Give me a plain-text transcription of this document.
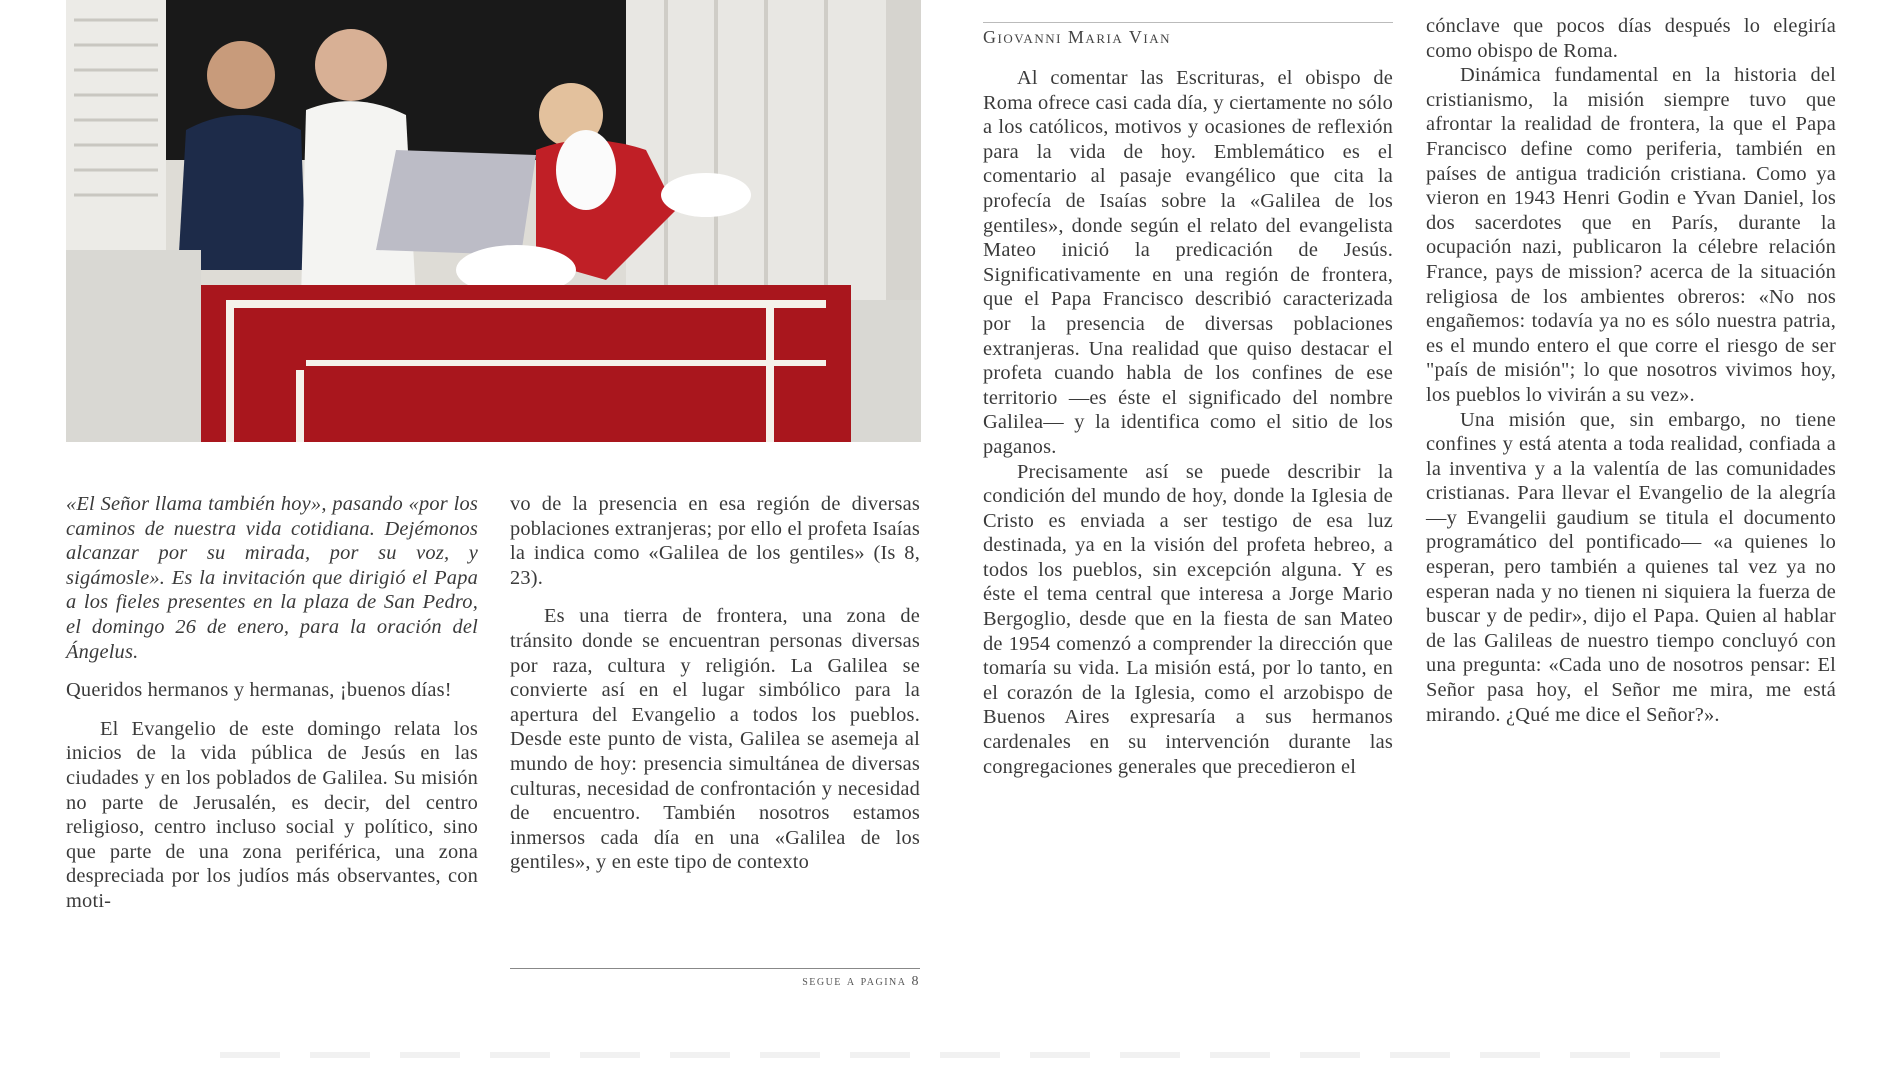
«El Señor llama también hoy», pasando «por los caminos de nuestra vida cotidiana. Dejémonos alcanzar por su mirada, por su voz, y sigámosle». Es la invitación que dirigió el Papa a los fieles presentes en la plaza de San Pedro, el domingo 26 de enero, para la oración del Ángelus.

Queridos hermanos y hermanas, ¡buenos días!

El Evangelio de este domingo relata los inicios de la vida pública de Jesús en las ciudades y en los poblados de Galilea. Su misión no parte de Jerusalén, es decir, del centro religioso, centro incluso social y político, sino que parte de una zona periférica, una zona despreciada por los judíos más observantes, con moti-

vo de la presencia en esa región de diversas poblaciones extranjeras; por ello el profeta Isaías la indica como «Galilea de los gentiles» (Is 8, 23).

Es una tierra de frontera, una zona de tránsito donde se encuentran personas diversas por raza, cultura y religión. La Galilea se convierte así en el lugar simbólico para la apertura del Evangelio a todos los pueblos. Desde este punto de vista, Galilea se asemeja al mundo de hoy: presencia simultánea de diversas culturas, necesidad de confrontación y necesidad de encuentro. También nosotros estamos inmersos cada día en una «Galilea de los gentiles», y en este tipo de contexto

segue a pagina 8
Giovanni Maria Vian

Al comentar las Escrituras, el obispo de Roma ofrece casi cada día, y ciertamente no sólo a los católicos, motivos y ocasiones de reflexión para la vida de hoy. Emblemático es el comentario al pasaje evangélico que cita la profecía de Isaías sobre la «Galilea de los gentiles», donde según el relato del evangelista Mateo inició la predicación de Jesús. Significativamente en una región de frontera, que el Papa Francisco describió caracterizada por la presencia de diversas poblaciones extranjeras. Una realidad que quiso destacar el profeta cuando habla de los confines de ese territorio —es éste el significado del nombre Galilea— y la identifica como el sitio de los paganos.

Precisamente así se puede describir la condición del mundo de hoy, donde la Iglesia de Cristo es enviada a ser testigo de esa luz destinada, ya en la visión del profeta hebreo, a todos los pueblos, sin excepción alguna. Y es éste el tema central que interesa a Jorge Mario Bergoglio, desde que en la fiesta de san Mateo de 1954 comenzó a comprender la dirección que tomaría su vida. La misión está, por lo tanto, en el corazón de la Iglesia, como el arzobispo de Buenos Aires expresaría a sus hermanos cardenales en su intervención durante las congregaciones generales que precedieron el

cónclave que pocos días después lo elegiría como obispo de Roma.

Dinámica fundamental en la historia del cristianismo, la misión siempre tuvo que afrontar la realidad de frontera, la que el Papa Francisco define como periferia, también en países de antigua tradición cristiana. Como ya vieron en 1943 Henri Godin e Yvan Daniel, los dos sacerdotes que en París, durante la ocupación nazi, publicaron la célebre relación France, pays de mission? acerca de la situación religiosa de los ambientes obreros: «No nos engañemos: todavía ya no es sólo nuestra patria, es el mundo entero el que corre el riesgo de ser "país de misión"; lo que nosotros vivimos hoy, los pueblos lo vivirán a su vez».

Una misión que, sin embargo, no tiene confines y está atenta a toda realidad, confiada a la inventiva y a la valentía de las comunidades cristianas. Para llevar el Evangelio de la alegría —y Evangelii gaudium se titula el documento programático del pontificado— «a quienes lo esperan, pero también a quienes tal vez ya no esperan nada y no tienen ni siquiera la fuerza de buscar y de pedir», dijo el Papa. Quien al hablar de las Galileas de nuestro tiempo concluyó con una pregunta: «Cada uno de nosotros pensar: El Señor pasa hoy, el Señor me mira, me está mirando. ¿Qué me dice el Señor?».
